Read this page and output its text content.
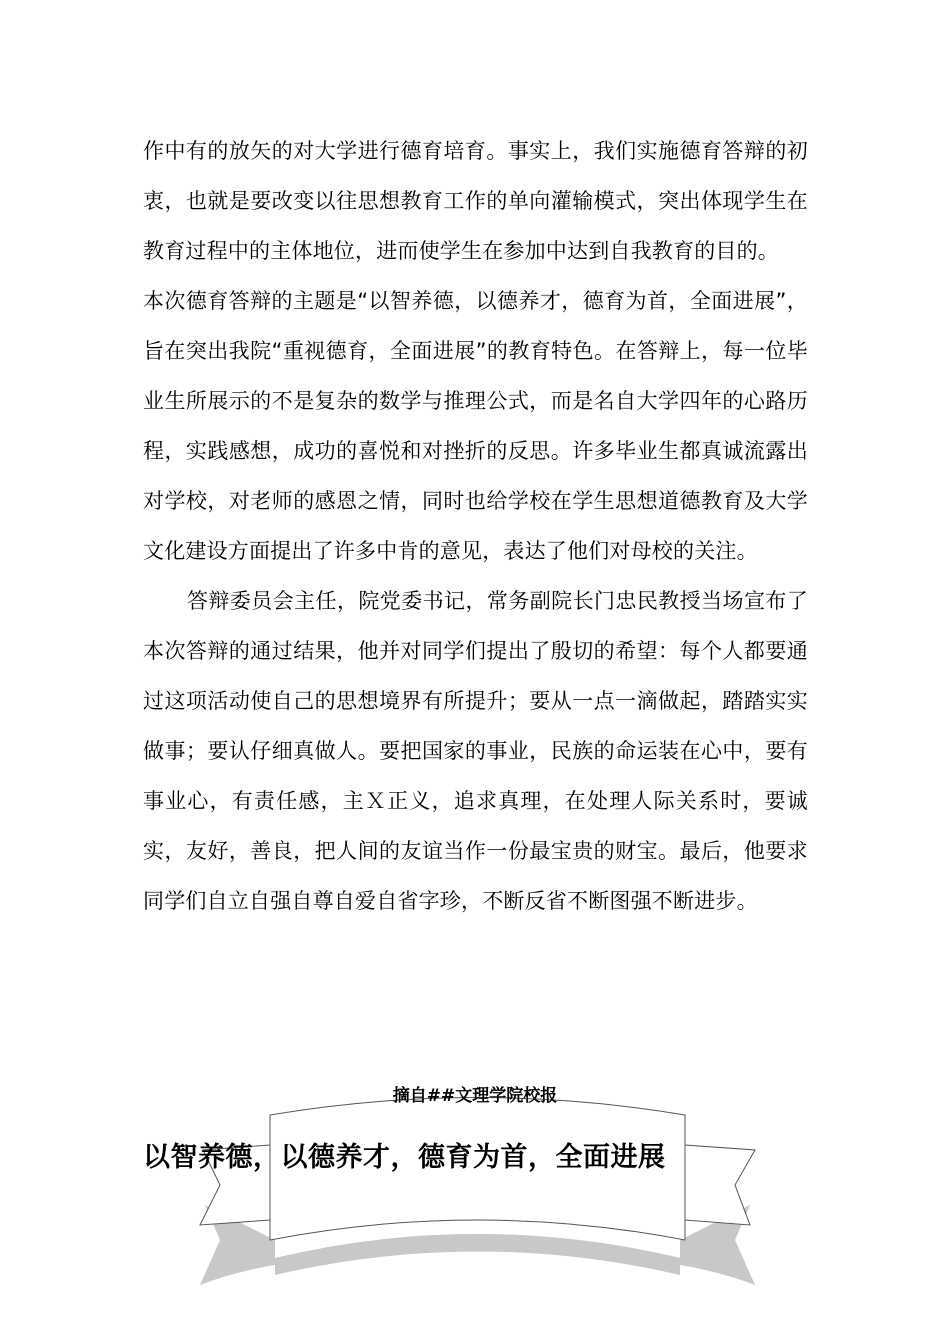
作中有的放矢的对大学进行德育培育。事实上，我们实施德育答辩的初衷，也就是要改变以往思想教育工作的单向灌输模式，突出体现学生在教育过程中的主体地位，进而使学生在参加中达到自我教育的目的。

本次德育答辩的主题是“以智养德，以德养才，德育为首，全面进展”，旨在突出我院“重视德育，全面进展”的教育特色。在答辩上，每一位毕业生所展示的不是复杂的数学与推理公式，而是名自大学四年的心路历程，实践感想，成功的喜悦和对挫折的反思。许多毕业生都真诚流露出对学校，对老师的感恩之情，同时也给学校在学生思想道德教育及大学文化建设方面提出了许多中肯的意见，表达了他们对母校的关注。

答辩委员会主任，院党委书记，常务副院长门忠民教授当场宣布了本次答辩的通过结果，他并对同学们提出了殷切的希望：每个人都要通过这项活动使自己的思想境界有所提升；要从一点一滴做起，踏踏实实做事；要认仔细真做人。要把国家的事业，民族的命运装在心中，要有事业心，有责任感，主Ｘ正义，追求真理，在处理人际关系时，要诚实，友好，善良，把人间的友谊当作一份最宝贵的财宝。最后，他要求同学们自立自强自尊自爱自省字珍，不断反省不断图强不断进步。

摘自##文理学院校报
以智养德，以德养才，德育为首，全面进展
